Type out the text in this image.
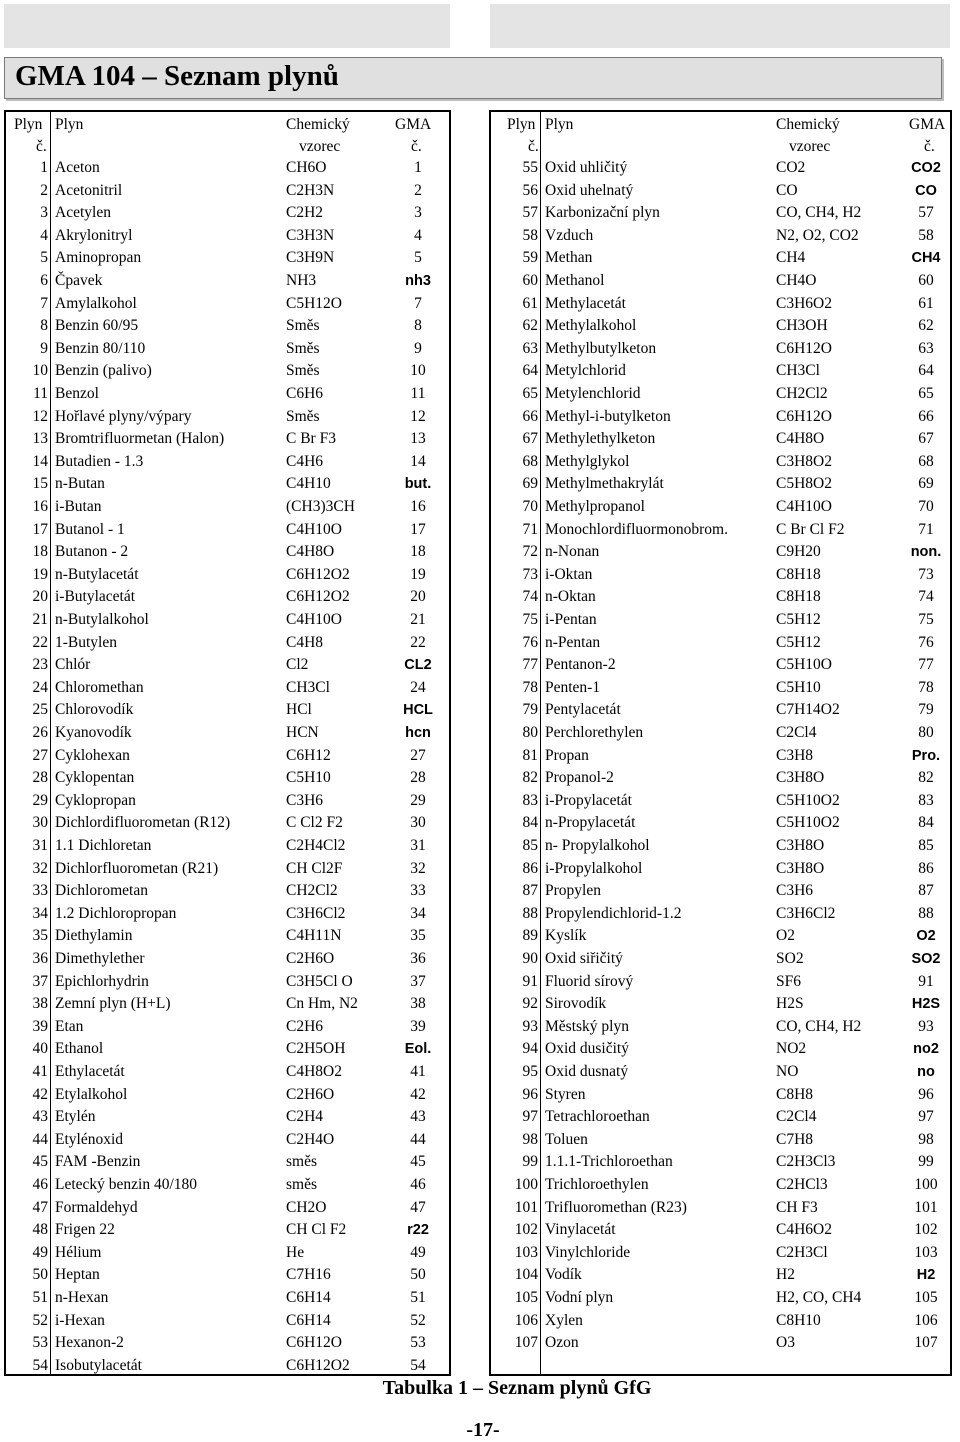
GMA 104 – Seznam plynů
Plyn
č.
Plyn	Chemický
vzorec
GMA
č.
1 Aceton	CH6O	1
2 Acetonitril	C2H3N	2
3 Acetylen	C2H2	3
4 Akrylonitryl	C3H3N	4
5 Aminopropan	C3H9N	5
6 Čpavek	NH3	nh3
7 Amylalkohol	C5H12O	7
8 Benzin 60/95	Směs	8
9 Benzin 80/110	Směs	9
10 Benzin (palivo)	Směs	10
11 Benzol	C6H6	11
12 Hořlavé plyny/výpary	Směs	12
13 Bromtrifluormetan (Halon)	C Br F3	13
14 Butadien - 1.3	C4H6	14
15 n-Butan	C4H10	but.
16 i-Butan	(CH3)3CH	16
17 Butanol - 1	C4H10O	17
18 Butanon - 2	C4H8O	18
19 n-Butylacetát	C6H12O2	19
20 i-Butylacetát	C6H12O2	20
21 n-Butylalkohol	C4H10O	21
22 1-Butylen	C4H8	22
23 Chlór	Cl2	CL2
24 Chloromethan	CH3Cl	24
25 Chlorovodík	HCl	HCL
26 Kyanovodík	HCN	hcn
27 Cyklohexan	C6H12	27
28 Cyklopentan	C5H10	28
29 Cyklopropan	C3H6	29
30 Dichlordifluorometan (R12)	C Cl2 F2	30
31 1.1 Dichloretan	C2H4Cl2	31
32 Dichlorfluorometan (R21)	CH Cl2F	32
33 Dichlorometan	CH2Cl2	33
34 1.2 Dichloropropan	C3H6Cl2	34
35 Diethylamin	C4H11N	35
36 Dimethylether	C2H6O	36
37 Epichlorhydrin	C3H5Cl O	37
38 Zemní plyn (H+L)	Cn Hm, N2	38
39 Etan	C2H6	39
40 Ethanol	C2H5OH	Eol.
41 Ethylacetát	C4H8O2	41
42 Etylalkohol	C2H6O	42
43 Etylén	C2H4	43
44 Etylénoxid	C2H4O	44
45 FAM -Benzin	směs	45
46 Letecký benzin 40/180	směs	46
47 Formaldehyd	CH2O	47
48 Frigen 22	CH Cl F2	r22
49 Hélium	He	49
50 Heptan	C7H16	50
51 n-Hexan	C6H14	51
52 i-Hexan	C6H14	52
53 Hexanon-2	C6H12O	53
54 Isobutylacetát	C6H12O2	54
Plyn
č.
Plyn	Chemický
vzorec
GMA
č.
55 Oxid uhličitý	CO2	CO2
56 Oxid uhelnatý	CO	CO
57 Karbonizační plyn	CO, CH4, H2	57
58 Vzduch	N2, O2, CO2	58
59 Methan	CH4	CH4
60 Methanol	CH4O	60
61 Methylacetát	C3H6O2	61
62 Methylalkohol	CH3OH	62
63 Methylbutylketon	C6H12O	63
64 Metylchlorid	CH3Cl	64
65 Metylenchlorid	CH2Cl2	65
66 Methyl-i-butylketon	C6H12O	66
67 Methylethylketon	C4H8O	67
68 Methylglykol	C3H8O2	68
69 Methylmethakrylát	C5H8O2	69
70 Methylpropanol	C4H10O	70
71 Monochlordifluormonobrom.	C Br Cl F2	71
72 n-Nonan	C9H20	non.
73 i-Oktan	C8H18	73
74 n-Oktan	C8H18	74
75 i-Pentan	C5H12	75
76 n-Pentan	C5H12	76
77 Pentanon-2	C5H10O	77
78 Penten-1	C5H10	78
79 Pentylacetát	C7H14O2	79
80 Perchlorethylen	C2Cl4	80
81 Propan	C3H8	Pro.
82 Propanol-2	C3H8O	82
83 i-Propylacetát	C5H10O2	83
84 n-Propylacetát	C5H10O2	84
85 n- Propylalkohol	C3H8O	85
86 i-Propylalkohol	C3H8O	86
87 Propylen	C3H6	87
88 Propylendichlorid-1.2	C3H6Cl2	88
89 Kyslík	O2	O2
90 Oxid siřičitý	SO2	SO2
91 Fluorid sírový	SF6	91
92 Sirovodík	H2S	H2S
93 Městský plyn	CO, CH4, H2	93
94 Oxid dusičitý	NO2	no2
95 Oxid dusnatý	NO	no
96 Styren	C8H8	96
97 Tetrachloroethan	C2Cl4	97
98 Toluen	C7H8	98
99 1.1.1-Trichloroethan	C2H3Cl3	99
100 Trichloroethylen	C2HCl3	100
101 Trifluoromethan (R23)	CH F3	101
102 Vinylacetát	C4H6O2	102
103 Vinylchloride	C2H3Cl	103
104 Vodík	H2	H2
105 Vodní plyn	H2, CO, CH4	105
106 Xylen	C8H10	106
107 Ozon	O3	107
Tabulka 1 – Seznam plynů GfG
-17-
